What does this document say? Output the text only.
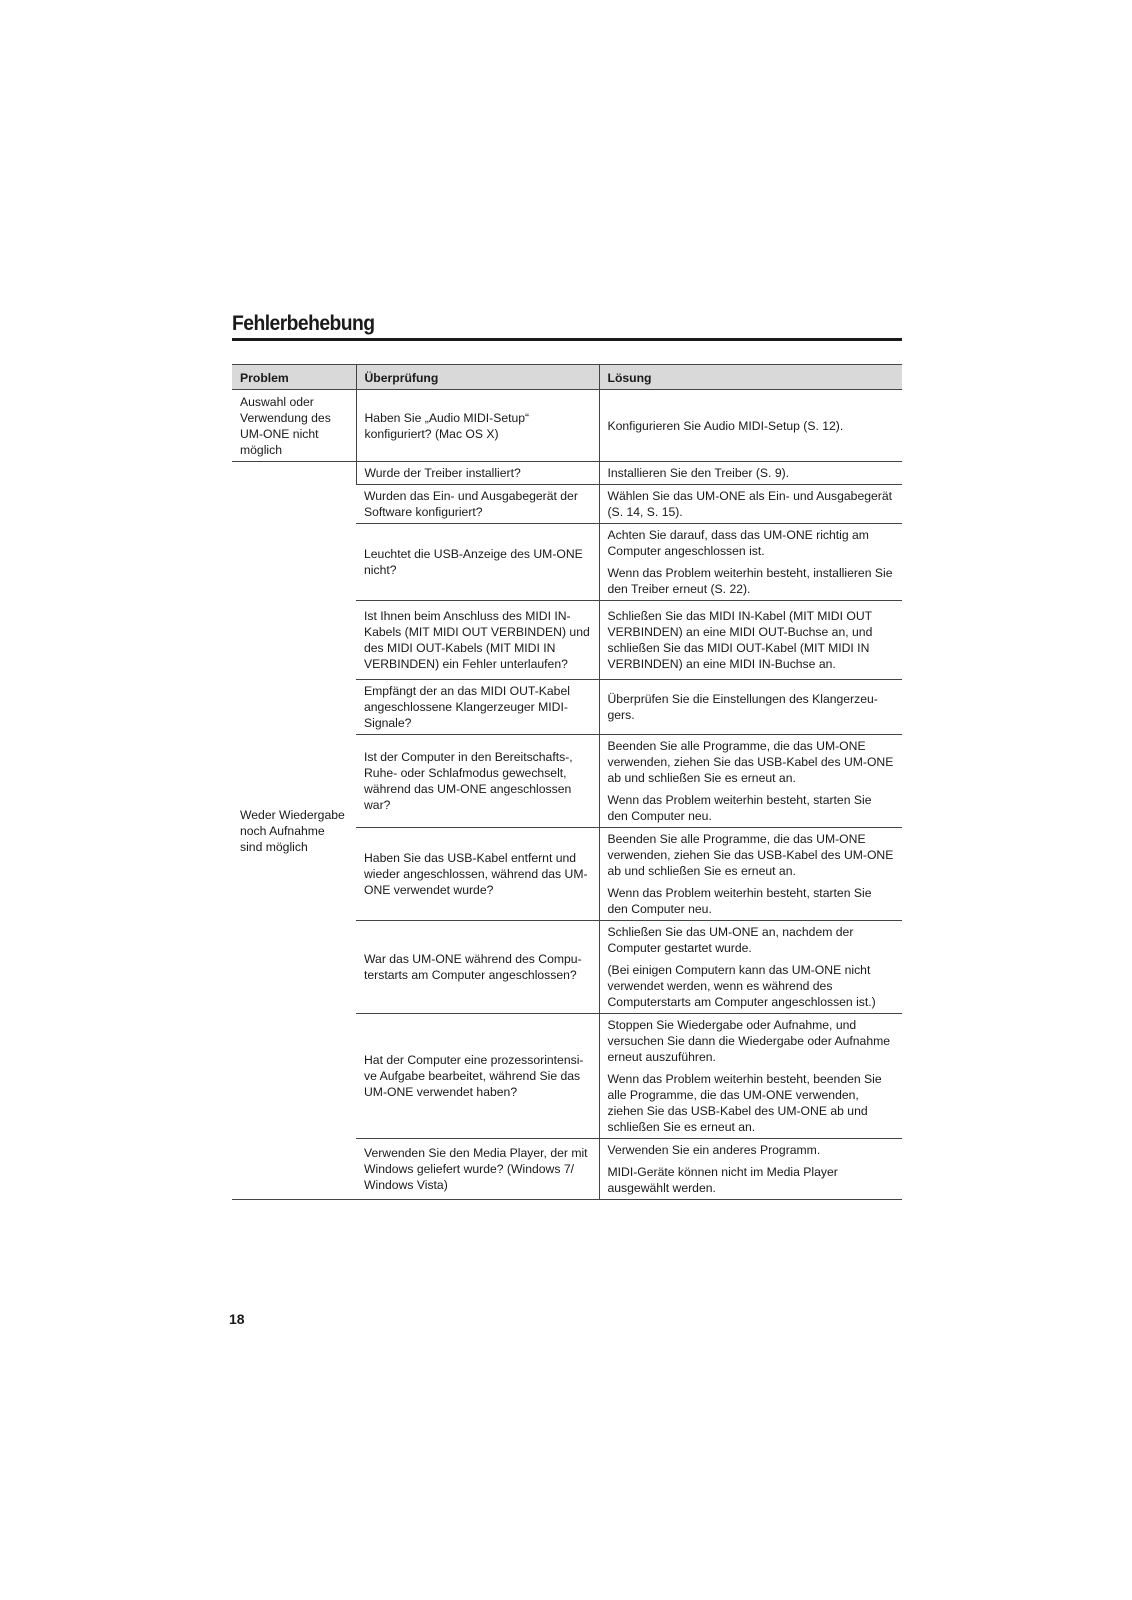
Fehlerbehebung
Problem	Überprüfung	Lösung
Auswahl oder Verwendung des UM-ONE nicht möglich	Haben Sie „Audio MIDI-Setup“ konfiguriert? (Mac OS X)	Konfigurieren Sie Audio MIDI-Setup (S. 12).

Weder Wiedergabe noch Aufnahme sind möglich	Wurde der Treiber installiert?	Installieren Sie den Treiber (S. 9).

	Wurden das Ein- und Ausgabegerät der Software konfiguriert?	Wählen Sie das UM-ONE als Ein- und Ausgabegerät (S. 14, S. 15).

	Leuchtet die USB-Anzeige des UM-ONE nicht?	Achten Sie darauf, dass das UM-ONE richtig am Computer angeschlossen ist.
Wenn das Problem weiterhin besteht, installieren Sie den Treiber erneut (S. 22).

	Ist Ihnen beim Anschluss des MIDI IN-Kabels (MIT MIDI OUT VERBINDEN) und des MIDI OUT-Kabels (MIT MIDI IN VERBINDEN) ein Fehler unterlaufen?	Schließen Sie das MIDI IN-Kabel (MIT MIDI OUT VERBINDEN) an eine MIDI OUT-Buchse an, und schließen Sie das MIDI OUT-Kabel (MIT MIDI IN VERBINDEN) an eine MIDI IN-Buchse an.

	Empfängt der an das MIDI OUT-Kabel angeschlossene Klangerzeuger MIDI-Signale?	Überprüfen Sie die Einstellungen des Klangerzeu-gers.

	Ist der Computer in den Bereitschafts-, Ruhe- oder Schlafmodus gewechselt, während das UM-ONE angeschlossen war?	Beenden Sie alle Programme, die das UM-ONE verwenden, ziehen Sie das USB-Kabel des UM-ONE ab und schließen Sie es erneut an.
Wenn das Problem weiterhin besteht, starten Sie den Computer neu.

	Haben Sie das USB-Kabel entfernt und wieder angeschlossen, während das UM-ONE verwendet wurde?	Beenden Sie alle Programme, die das UM-ONE verwenden, ziehen Sie das USB-Kabel des UM-ONE ab und schließen Sie es erneut an.
Wenn das Problem weiterhin besteht, starten Sie den Computer neu.

	War das UM-ONE während des Compu-terstarts am Computer angeschlossen?	Schließen Sie das UM-ONE an, nachdem der Computer gestartet wurde.
(Bei einigen Computern kann das UM-ONE nicht verwendet werden, wenn es während des Computerstarts am Computer angeschlossen ist.)

	Hat der Computer eine prozessorintensi-ve Aufgabe bearbeitet, während Sie das UM-ONE verwendet haben?	Stoppen Sie Wiedergabe oder Aufnahme, und versuchen Sie dann die Wiedergabe oder Aufnahme erneut auszuführen.
Wenn das Problem weiterhin besteht, beenden Sie alle Programme, die das UM-ONE verwenden, ziehen Sie das USB-Kabel des UM-ONE ab und schließen Sie es erneut an.

	Verwenden Sie den Media Player, der mit Windows geliefert wurde? (Windows 7/ Windows Vista)	Verwenden Sie ein anderes Programm.
MIDI-Geräte können nicht im Media Player ausgewählt werden.
18
